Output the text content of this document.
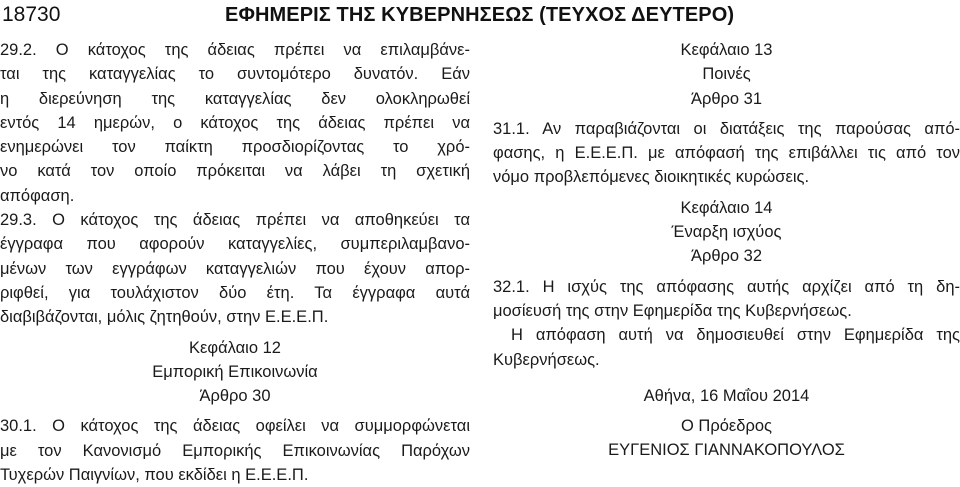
18730	ΕΦΗΜΕΡΙΣ ΤΗΣ ΚΥΒΕΡΝΗΣΕΩΣ (ΤΕΥΧΟΣ ΔΕΥΤΕΡΟ)
29.2. Ο κάτοχος της άδειας πρέπει να επιλαμβάνε-
ται της καταγγελίας το συντομότερο δυνατόν. Εάν
η διερεύνηση της καταγγελίας δεν ολοκληρωθεί
εντός 14 ημερών, ο κάτοχος της άδειας πρέπει να
ενημερώνει τον παίκτη προσδιορίζοντας το χρό-
νο κατά τον οποίο πρόκειται να λάβει τη σχετική
απόφαση.
29.3. Ο κάτοχος της άδειας πρέπει να αποθηκεύει τα
έγγραφα που αφορούν καταγγελίες, συμπεριλαμβανο-
μένων των εγγράφων καταγγελιών που έχουν απορ-
ριφθεί, για τουλάχιστον δύο έτη. Τα έγγραφα αυτά
διαβιβάζονται, μόλις ζητηθούν, στην Ε.Ε.Ε.Π.
Κεφάλαιο 12
Εμπορική Επικοινωνία
Άρθρο 30
30.1. Ο κάτοχος της άδειας οφείλει να συμμορφώνεται
με τον Κανονισμό Εμπορικής Επικοινωνίας Παρόχων
Τυχερών Παιγνίων, που εκδίδει η Ε.Ε.Ε.Π.
Κεφάλαιο 13
Ποινές
Άρθρο 31
31.1. Αν παραβιάζονται οι διατάξεις της παρούσας από-
φασης, η Ε.Ε.Ε.Π. με απόφασή της επιβάλλει τις από τον
νόμο προβλεπόμενες διοικητικές κυρώσεις.
Κεφάλαιο 14
Έναρξη ισχύος
Άρθρο 32
32.1. Η ισχύς της απόφασης αυτής αρχίζει από τη δη-
μοσίευσή της στην Εφημερίδα της Κυβερνήσεως.
Η απόφαση αυτή να δημοσιευθεί στην Εφημερίδα της
Κυβερνήσεως.
Αθήνα, 16 Μαΐου 2014
Ο Πρόεδρος
ΕΥΓΕΝΙΟΣ ΓΙΑΝΝΑΚΟΠΟΥΛΟΣ
